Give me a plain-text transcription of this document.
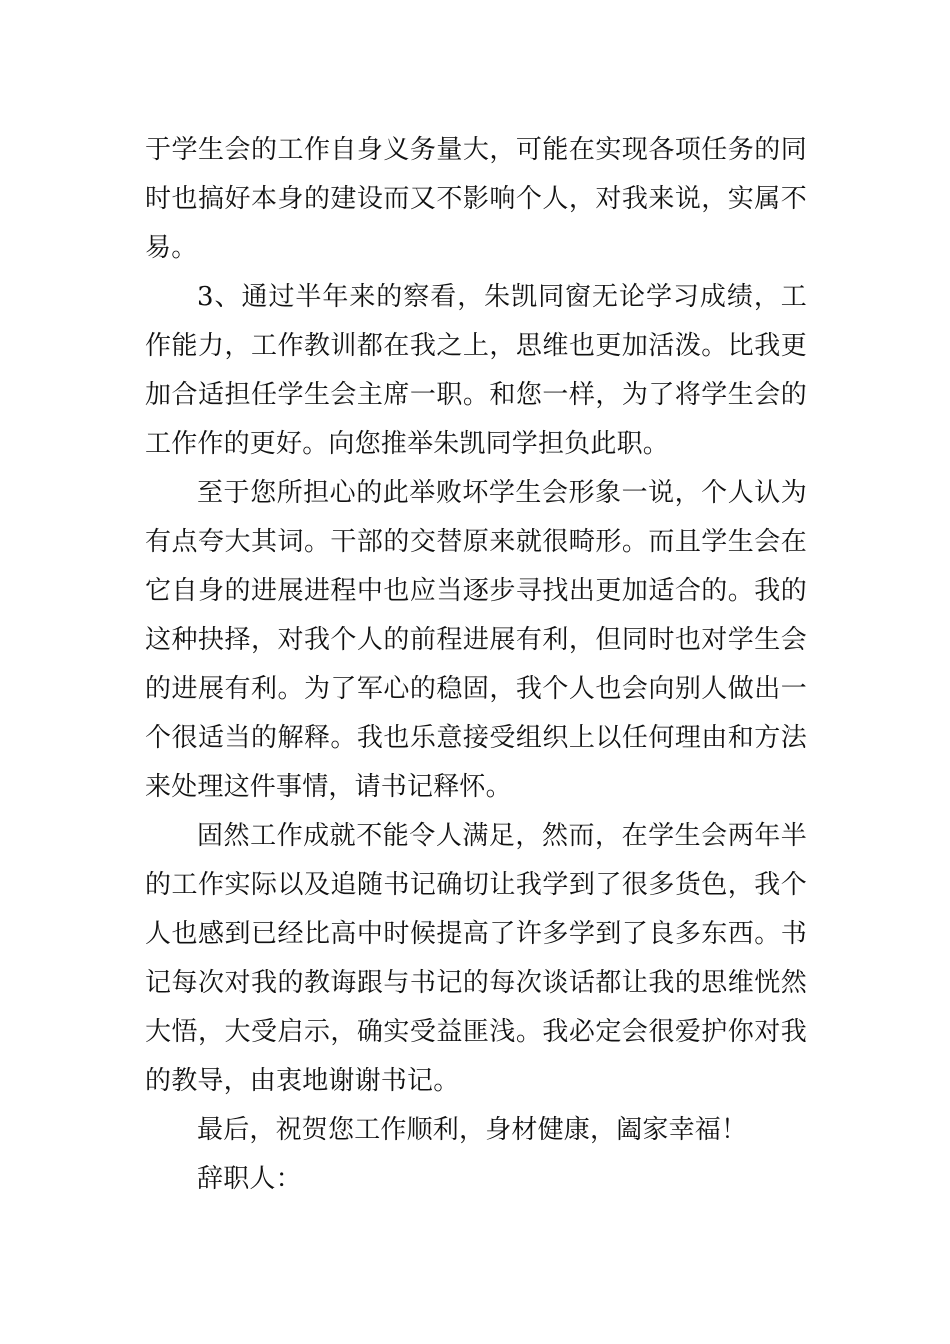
于学生会的工作自身义务量大，可能在实现各项任务的同时也搞好本身的建设而又不影响个人，对我来说，实属不易。

3、通过半年来的察看，朱凯同窗无论学习成绩，工作能力，工作教训都在我之上，思维也更加活泼。比我更加合适担任学生会主席一职。和您一样，为了将学生会的工作作的更好。向您推举朱凯同学担负此职。

至于您所担心的此举败坏学生会形象一说，个人认为有点夸大其词。干部的交替原来就很畸形。而且学生会在它自身的进展进程中也应当逐步寻找出更加适合的。我的这种抉择，对我个人的前程进展有利，但同时也对学生会的进展有利。为了军心的稳固，我个人也会向别人做出一个很适当的解释。我也乐意接受组织上以任何理由和方法来处理这件事情，请书记释怀。

固然工作成就不能令人满足，然而，在学生会两年半的工作实际以及追随书记确切让我学到了很多货色，我个人也感到已经比高中时候提高了许多学到了良多东西。书记每次对我的教诲跟与书记的每次谈话都让我的思维恍然大悟，大受启示，确实受益匪浅。我必定会很爱护你对我的教导，由衷地谢谢书记。

最后，祝贺您工作顺利，身材健康，阖家幸福！

辞职人：
